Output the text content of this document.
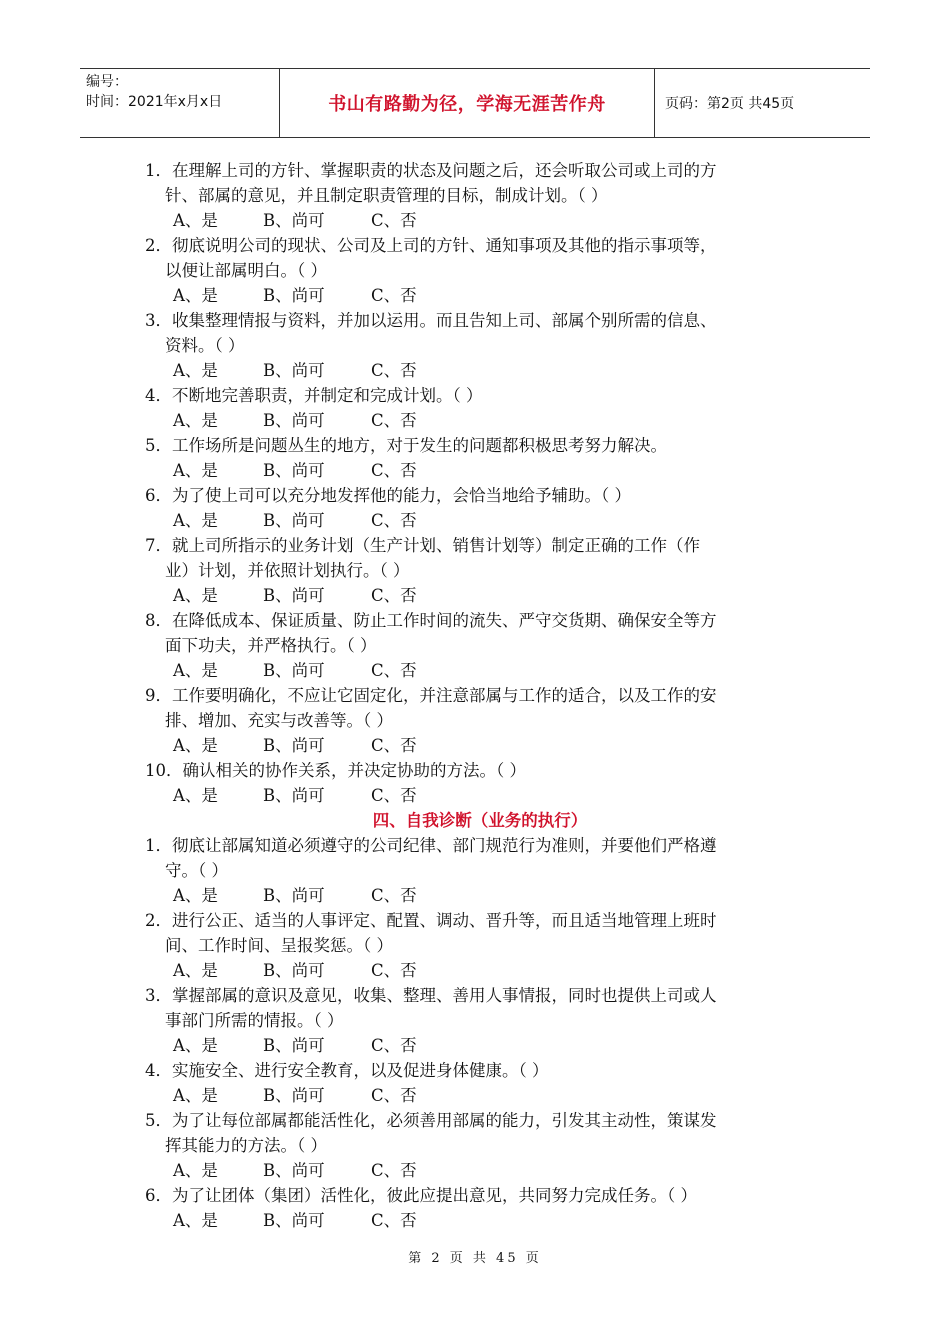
编号：
时间：2021年x月x日	书山有路勤为径，学海无涯苦作舟	页码：第2页 共45页
1．在理解上司的方针、掌握职责的状态及问题之后，还会听取公司或上司的方
针、部属的意见，并且制定职责管理的目标，制成计划。（ ）
A、是	B、尚可	C、否
2．彻底说明公司的现状、公司及上司的方针、通知事项及其他的指示事项等，
以便让部属明白。（ ）
A、是	B、尚可	C、否
3．收集整理情报与资料，并加以运用。而且告知上司、部属个别所需的信息、
资料。（ ）
A、是	B、尚可	C、否
4．不断地完善职责，并制定和完成计划。（ ）
A、是	B、尚可	C、否
5．工作场所是问题丛生的地方，对于发生的问题都积极思考努力解决。
A、是	B、尚可	C、否
6．为了使上司可以充分地发挥他的能力，会恰当地给予辅助。（ ）
A、是	B、尚可	C、否
7．就上司所指示的业务计划（生产计划、销售计划等）制定正确的工作（作
业）计划，并依照计划执行。（ ）
A、是	B、尚可	C、否
8．在降低成本、保证质量、防止工作时间的流失、严守交货期、确保安全等方
面下功夫，并严格执行。（ ）
A、是	B、尚可	C、否
9．工作要明确化，不应让它固定化，并注意部属与工作的适合，以及工作的安
排、增加、充实与改善等。（ ）
A、是	B、尚可	C、否
10．确认相关的协作关系，并决定协助的方法。（ ）
A、是	B、尚可	C、否
四、自我诊断（业务的执行）
1．彻底让部属知道必须遵守的公司纪律、部门规范行为准则，并要他们严格遵
守。（ ）
A、是	B、尚可	C、否
2．进行公正、适当的人事评定、配置、调动、晋升等，而且适当地管理上班时
间、工作时间、呈报奖惩。（ ）
A、是	B、尚可	C、否
3．掌握部属的意识及意见，收集、整理、善用人事情报，同时也提供上司或人
事部门所需的情报。（ ）
A、是	B、尚可	C、否
4．实施安全、进行安全教育，以及促进身体健康。（ ）
A、是	B、尚可	C、否
5．为了让每位部属都能活性化，必须善用部属的能力，引发其主动性，策谋发
挥其能力的方法。（ ）
A、是	B、尚可	C、否
6．为了让团体（集团）活性化，彼此应提出意见，共同努力完成任务。（ ）
A、是	B、尚可	C、否
第 2 页 共 45 页
